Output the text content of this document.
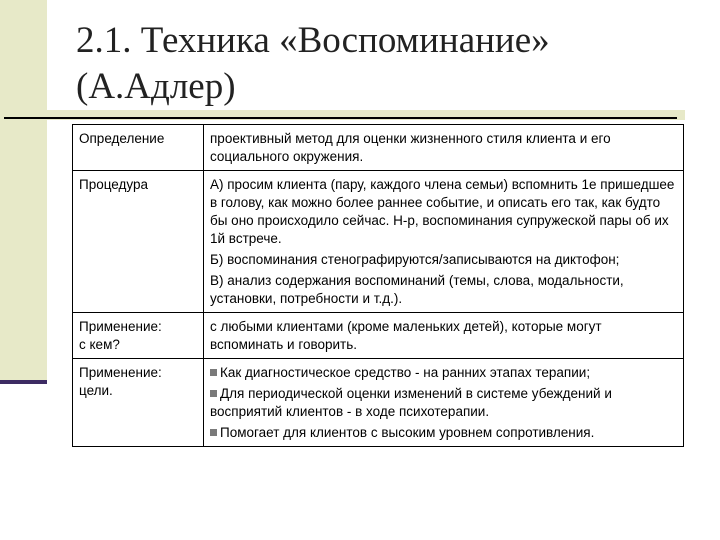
2.1. Техника «Воспоминание»
(А.Адлер)
Определение	проективный метод для оценки жизненного стиля клиента и его социального окружения.

Процедура	А) просим клиента (пару, каждого члена семьи) вспомнить 1е пришедшее в голову, как можно более раннее событие, и описать его так, как будто бы оно происходило сейчас. Н-р, воспоминания супружеской пары об их 1й встрече.
Б) воспоминания стенографируются/записываются на диктофон;
В) анализ содержания воспоминаний (темы, слова, модальности, установки, потребности и т.д.).

Применение:
с кем?	с любыми клиентами (кроме маленьких детей), которые могут вспоминать и говорить.

Применение:
цели.	Как диагностическое средство - на ранних этапах терапии;
Для периодической оценки изменений в системе убеждений и восприятий клиентов - в ходе психотерапии.
Помогает для клиентов с высоким уровнем сопротивления.
